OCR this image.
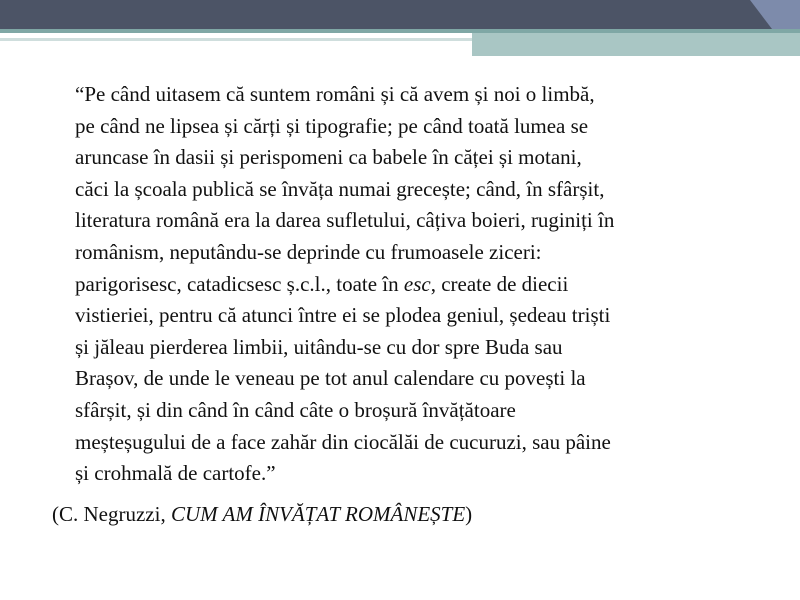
“Pe când uitasem că suntem români și că avem și noi o limbă,
pe când ne lipsea și cărți și tipografie; pe când toată lumea se
aruncase în dasii și perispomeni ca babele în căței și motani,
căci la școala publică se învăța numai grecește; când, în sfârșit,
literatura română era la darea sufletului, câțiva boieri, ruginiți în
românism, neputându-se deprinde cu frumoasele ziceri:
parigorisesc, catadicsesc ș.c.l., toate în esc, create de diecii
vistieriei, pentru că atunci între ei se plodea geniul, ședeau triști
și jăleau pierderea limbii, uitându-se cu dor spre Buda sau
Brașov, de unde le veneau pe tot anul calendare cu povești la
sfârșit, și din când în când câte o broșură învățătoare
meșteșugului de a face zahăr din ciocălăi de cucuruzi, sau pâine
și crohmală de cartofe.”

(C. Negruzzi, CUM AM ÎNVĂȚAT ROMÂNEȘTE)
